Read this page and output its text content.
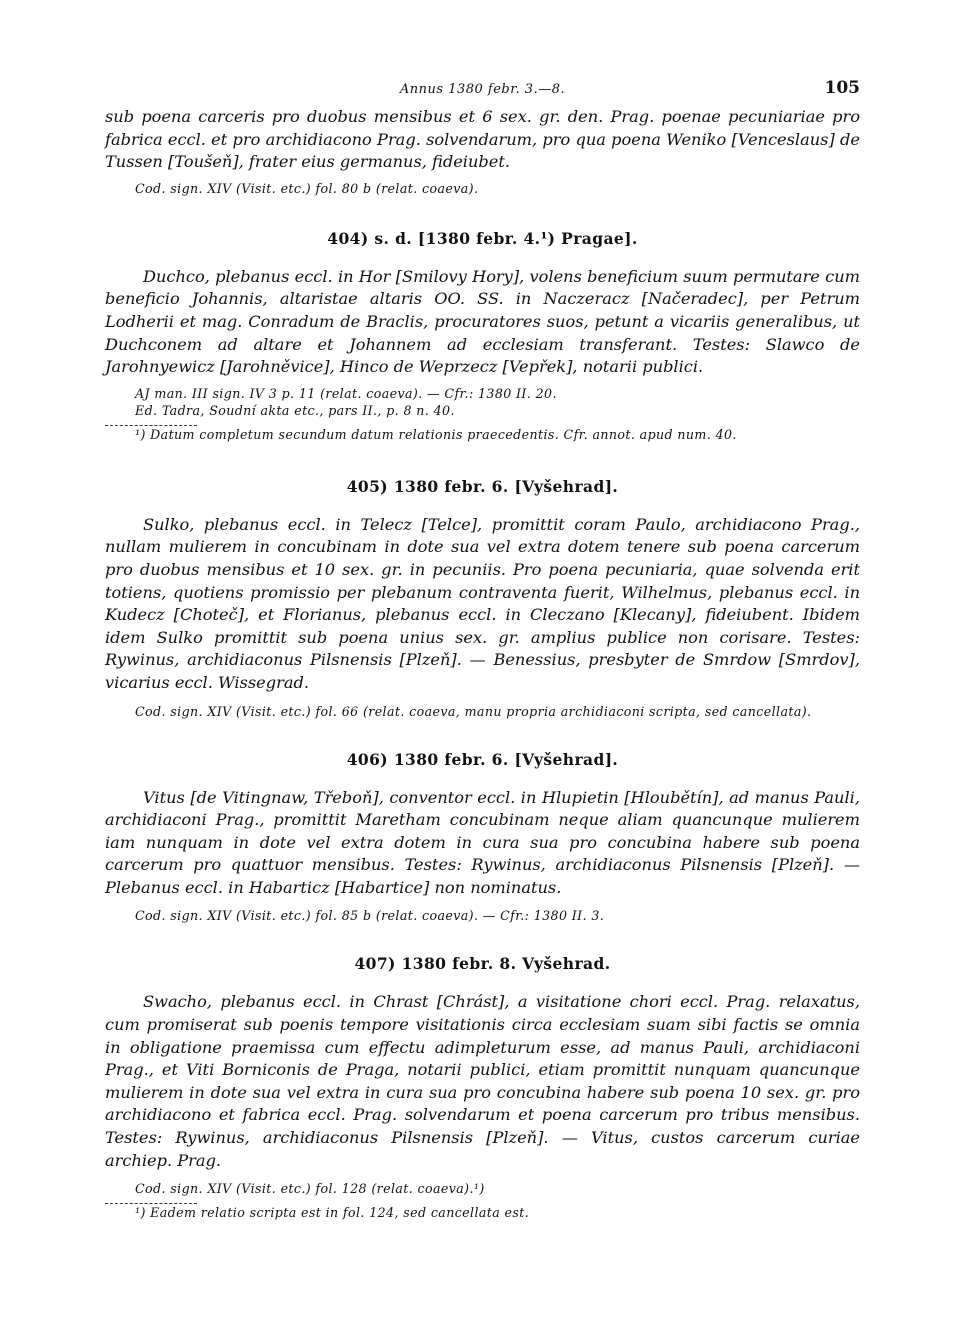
Annus 1380 febr. 3.—8.	105

sub poena carceris pro duobus mensibus et 6 sex. gr. den. Prag. poenae pecuniariae pro fabrica eccl. et pro archidiacono Prag. solvendarum, pro qua poena Weniko [Venceslaus] de Tussen [Toušeň], frater eius germanus, fideiubet.

Cod. sign. XIV (Visit. etc.) fol. 80 b (relat. coaeva).

404) s. d. [1380 febr. 4.¹) Pragae].

Duchco, plebanus eccl. in Hor [Smilovy Hory], volens beneficium suum permutare cum beneficio Johannis, altaristae altaris OO. SS. in Naczeracz [Načeradec], per Petrum Lodherii et mag. Conradum de Braclis, procuratores suos, petunt a vicariis generalibus, ut Duchconem ad altare et Johannem ad ecclesiam transferant. Testes: Slawco de Jarohnyewicz [Jarohněvice], Hinco de Weprzecz [Vepřek], notarii publici.

AJ man. III sign. IV 3 p. 11 (relat. coaeva). — Cfr.: 1380 II. 20.

Ed. Tadra, Soudní akta etc., pars II., p. 8 n. 40.

¹) Datum completum secundum datum relationis praecedentis. Cfr. annot. apud num. 40.

405) 1380 febr. 6. [Vyšehrad].

Sulko, plebanus eccl. in Telecz [Telce], promittit coram Paulo, archidiacono Prag., nullam mulierem in concubinam in dote sua vel extra dotem tenere sub poena carcerum pro duobus mensibus et 10 sex. gr. in pecuniis. Pro poena pecuniaria, quae solvenda erit totiens, quotiens promissio per plebanum contraventa fuerit, Wilhelmus, plebanus eccl. in Kudecz [Choteč], et Florianus, plebanus eccl. in Cleczano [Klecany], fideiubent. Ibidem idem Sulko promittit sub poena unius sex. gr. amplius publice non corisare. Testes: Rywinus, archidiaconus Pilsnensis [Plzeň]. — Benessius, presbyter de Smrdow [Smrdov], vicarius eccl. Wissegrad.

Cod. sign. XIV (Visit. etc.) fol. 66 (relat. coaeva, manu propria archidiaconi scripta, sed cancellata).

406) 1380 febr. 6. [Vyšehrad].

Vitus [de Vitingnaw, Třeboň], conventor eccl. in Hlupietin [Hloubětín], ad manus Pauli, archidiaconi Prag., promittit Maretham concubinam neque aliam quancunque mulierem iam nunquam in dote vel extra dotem in cura sua pro concubina habere sub poena carcerum pro quattuor mensibus. Testes: Rywinus, archidiaconus Pilsnensis [Plzeň]. — Plebanus eccl. in Habarticz [Habartice] non nominatus.

Cod. sign. XIV (Visit. etc.) fol. 85 b (relat. coaeva). — Cfr.: 1380 II. 3.

407) 1380 febr. 8. Vyšehrad.

Swacho, plebanus eccl. in Chrast [Chrást], a visitatione chori eccl. Prag. relaxatus, cum promiserat sub poenis tempore visitationis circa ecclesiam suam sibi factis se omnia in obligatione praemissa cum effectu adimpleturum esse, ad manus Pauli, archidiaconi Prag., et Viti Borniconis de Praga, notarii publici, etiam promittit nunquam quancunque mulierem in dote sua vel extra in cura sua pro concubina habere sub poena 10 sex. gr. pro archidiacono et fabrica eccl. Prag. solvendarum et poena carcerum pro tribus mensibus. Testes: Rywinus, archidiaconus Pilsnensis [Plzeň]. — Vitus, custos carcerum curiae archiep. Prag.

Cod. sign. XIV (Visit. etc.) fol. 128 (relat. coaeva).¹)

¹) Eadem relatio scripta est in fol. 124, sed cancellata est.
